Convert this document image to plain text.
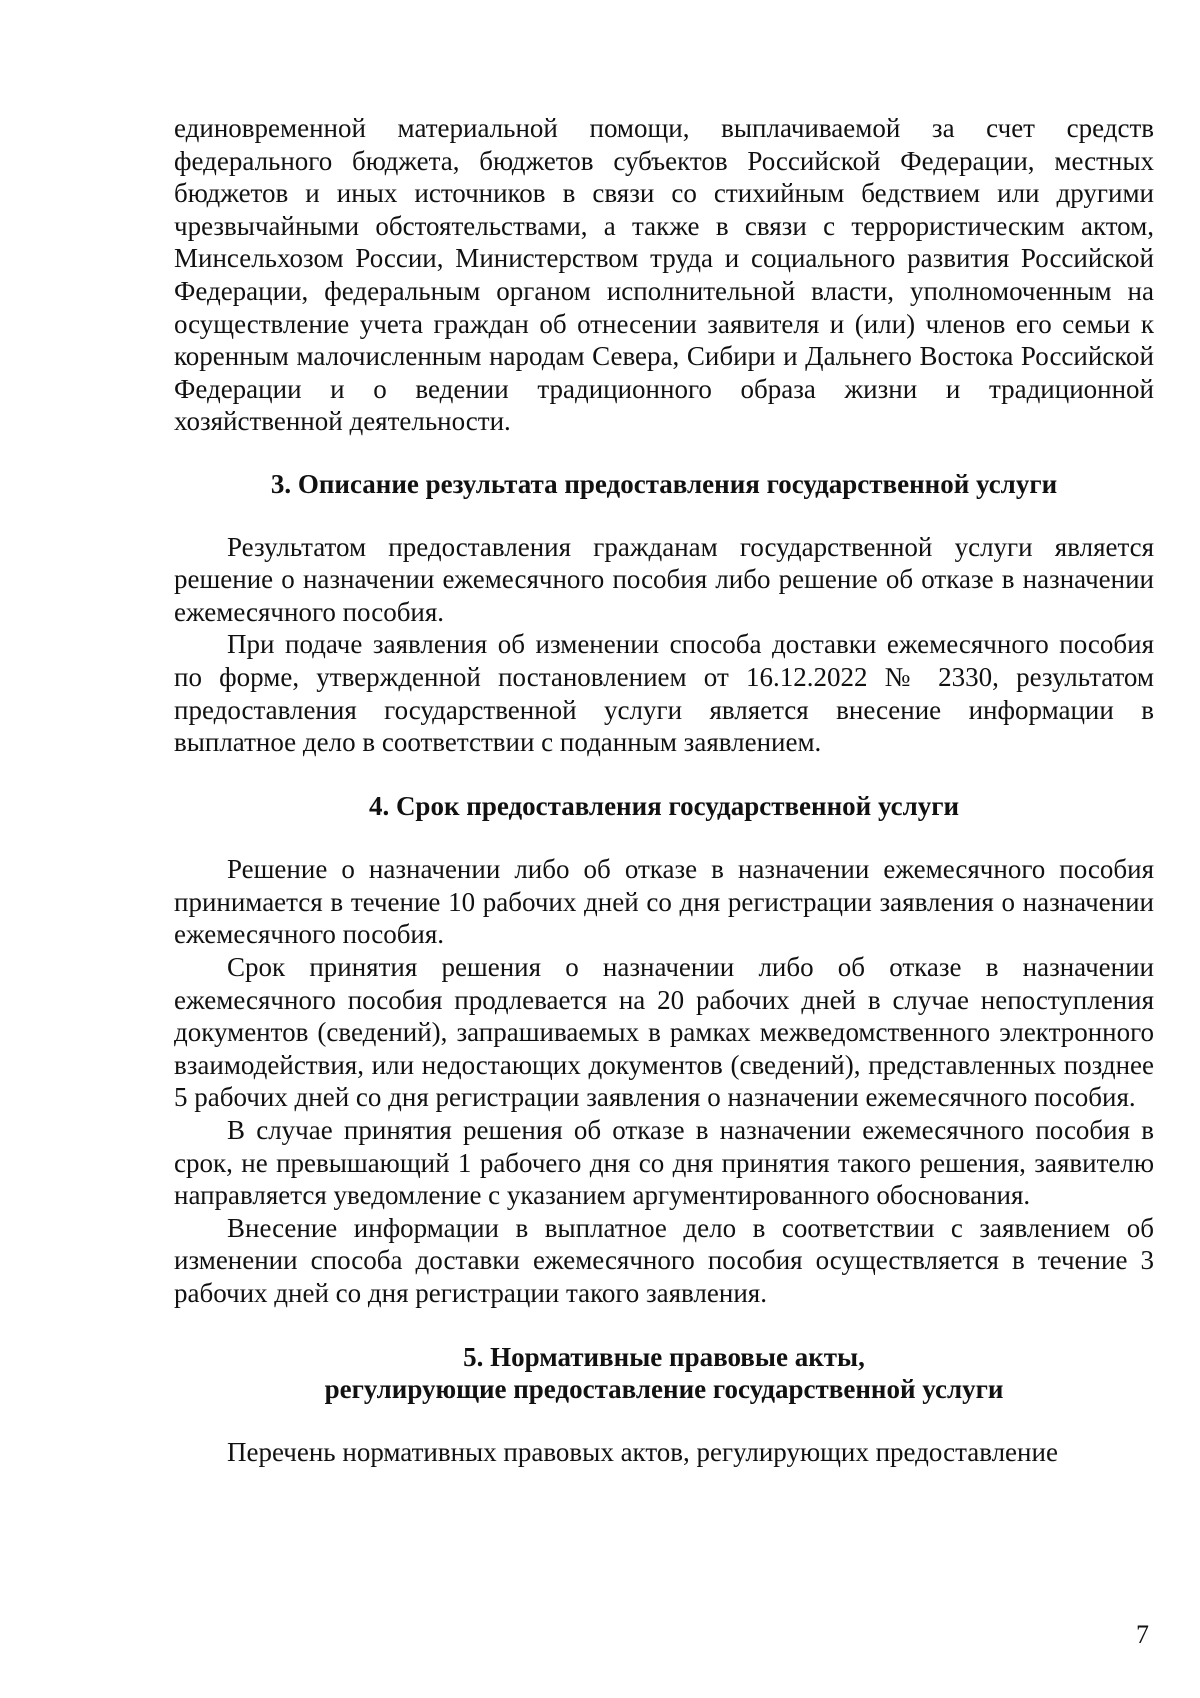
единовременной материальной помощи, выплачиваемой за счет средств федерального бюджета, бюджетов субъектов Российской Федерации, местных бюджетов и иных источников в связи со стихийным бедствием или другими чрезвычайными обстоятельствами, а также в связи с террористическим актом, Минсельхозом России, Министерством труда и социального развития Российской Федерации, федеральным органом исполнительной власти, уполномоченным на осуществление учета граждан об отнесении заявителя и (или) членов его семьи к коренным малочисленным народам Севера, Сибири и Дальнего Востока Российской Федерации и о ведении традиционного образа жизни и традиционной хозяйственной деятельности.

3. Описание результата предоставления государственной услуги

Результатом предоставления гражданам государственной услуги является решение о назначении ежемесячного пособия либо решение об отказе в назначении ежемесячного пособия.

При подаче заявления об изменении способа доставки ежемесячного пособия по форме, утвержденной постановлением от 16.12.2022 № 2330, результатом предоставления государственной услуги является внесение информации в выплатное дело в соответствии с поданным заявлением.

4. Срок предоставления государственной услуги

Решение о назначении либо об отказе в назначении ежемесячного пособия принимается в течение 10 рабочих дней со дня регистрации заявления о назначении ежемесячного пособия.

Срок принятия решения о назначении либо об отказе в назначении ежемесячного пособия продлевается на 20 рабочих дней в случае непоступления документов (сведений), запрашиваемых в рамках межведомственного электронного взаимодействия, или недостающих документов (сведений), представленных позднее 5 рабочих дней со дня регистрации заявления о назначении ежемесячного пособия.

В случае принятия решения об отказе в назначении ежемесячного пособия в срок, не превышающий 1 рабочего дня со дня принятия такого решения, заявителю направляется уведомление с указанием аргументированного обоснования.

Внесение информации в выплатное дело в соответствии с заявлением об изменении способа доставки ежемесячного пособия осуществляется в течение 3 рабочих дней со дня регистрации такого заявления.

5. Нормативные правовые акты,
регулирующие предоставление государственной услуги

Перечень нормативных правовых актов, регулирующих предоставление

7
